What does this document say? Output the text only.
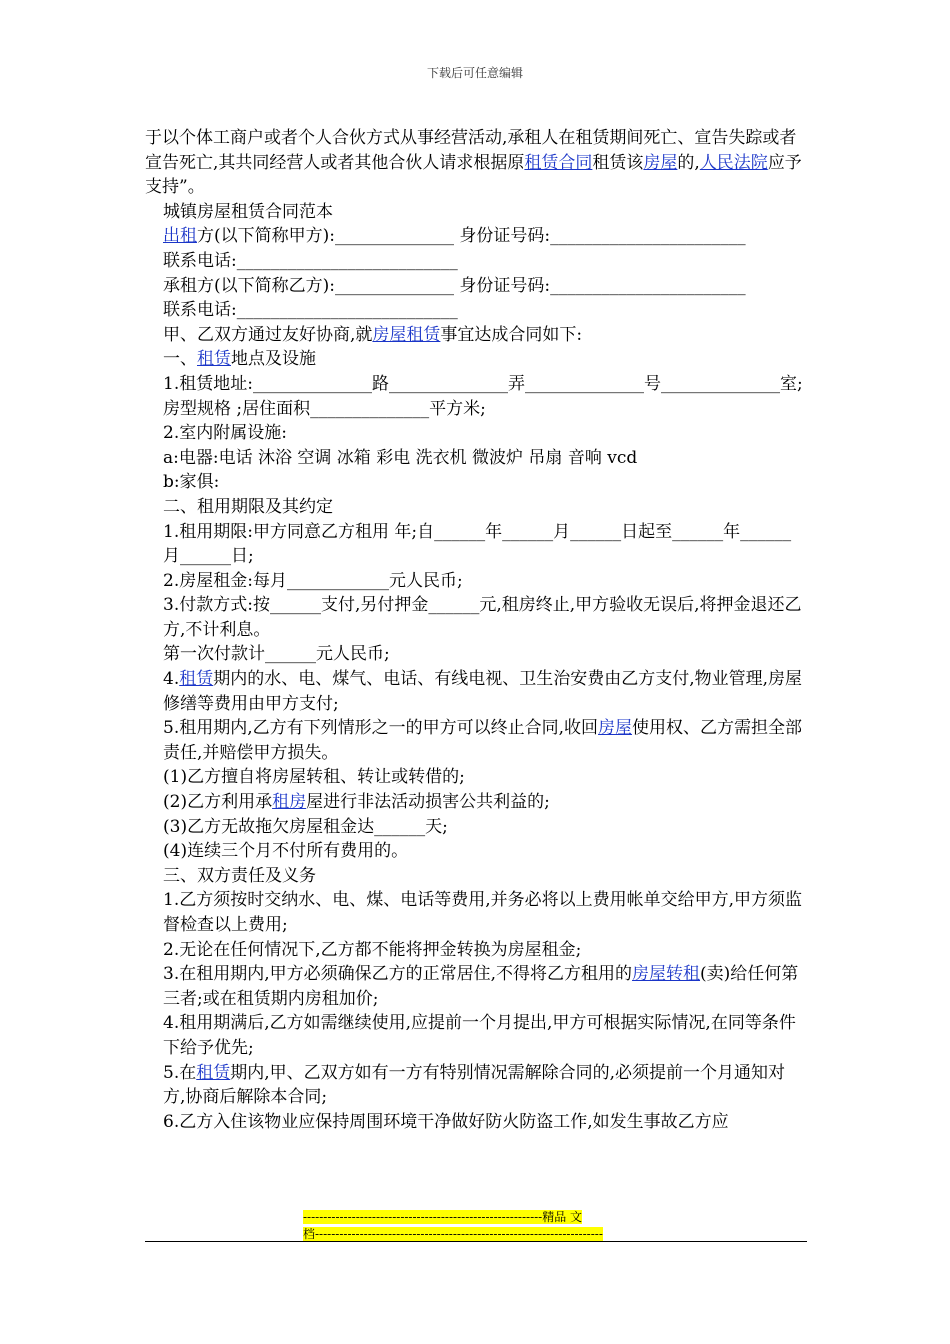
下载后可任意编辑

于以个体工商户或者个人合伙方式从事经营活动,承租人在租赁期间死亡、宣告失踪或者宣告死亡,其共同经营人或者其他合伙人请求根据原租赁合同租赁该房屋的,人民法院应予支持”。

城镇房屋租赁合同范本

出租方(以下简称甲方):______________ 身份证号码:_______________________

联系电话:__________________________

承租方(以下简称乙方):______________ 身份证号码:_______________________

联系电话:__________________________

甲、乙双方通过友好协商,就房屋租赁事宜达成合同如下:

一、租赁地点及设施

1.租赁地址:______________路______________弄______________号______________室;房型规格 ;居住面积______________平方米;

2.室内附属设施:

a:电器:电话 沐浴 空调 冰箱 彩电 洗衣机 微波炉 吊扇 音响 vcd

b:家俱:

二、租用期限及其约定

1.租用期限:甲方同意乙方租用 年;自______年______月______日起至______年______月______日;

2.房屋租金:每月____________元人民币;

3.付款方式:按______支付,另付押金______元,租房终止,甲方验收无误后,将押金退还乙方,不计利息。

第一次付款计______元人民币;

4.租赁期内的水、电、煤气、电话、有线电视、卫生治安费由乙方支付,物业管理,房屋修缮等费用由甲方支付;

5.租用期内,乙方有下列情形之一的甲方可以终止合同,收回房屋使用权、乙方需担全部责任,并赔偿甲方损失。

(1)乙方擅自将房屋转租、转让或转借的;

(2)乙方利用承租房屋进行非法活动损害公共利益的;

(3)乙方无故拖欠房屋租金达______天;

(4)连续三个月不付所有费用的。

三、双方责任及义务

1.乙方须按时交纳水、电、煤、电话等费用,并务必将以上费用帐单交给甲方,甲方须监督检查以上费用;

2.无论在任何情况下,乙方都不能将押金转换为房屋租金;

3.在租用期内,甲方必须确保乙方的正常居住,不得将乙方租用的房屋转租(卖)给任何第三者;或在租赁期内房租加价;

4.租用期满后,乙方如需继续使用,应提前一个月提出,甲方可根据实际情况,在同等条件下给予优先;

5.在租赁期内,甲、乙双方如有一方有特别情况需解除合同的,必须提前一个月通知对方,协商后解除本合同;

6.乙方入住该物业应保持周围环境干净做好防火防盗工作,如发生事故乙方应

-----------------------------------------------------------精品 文
档-----------------------------------------------------------------------
